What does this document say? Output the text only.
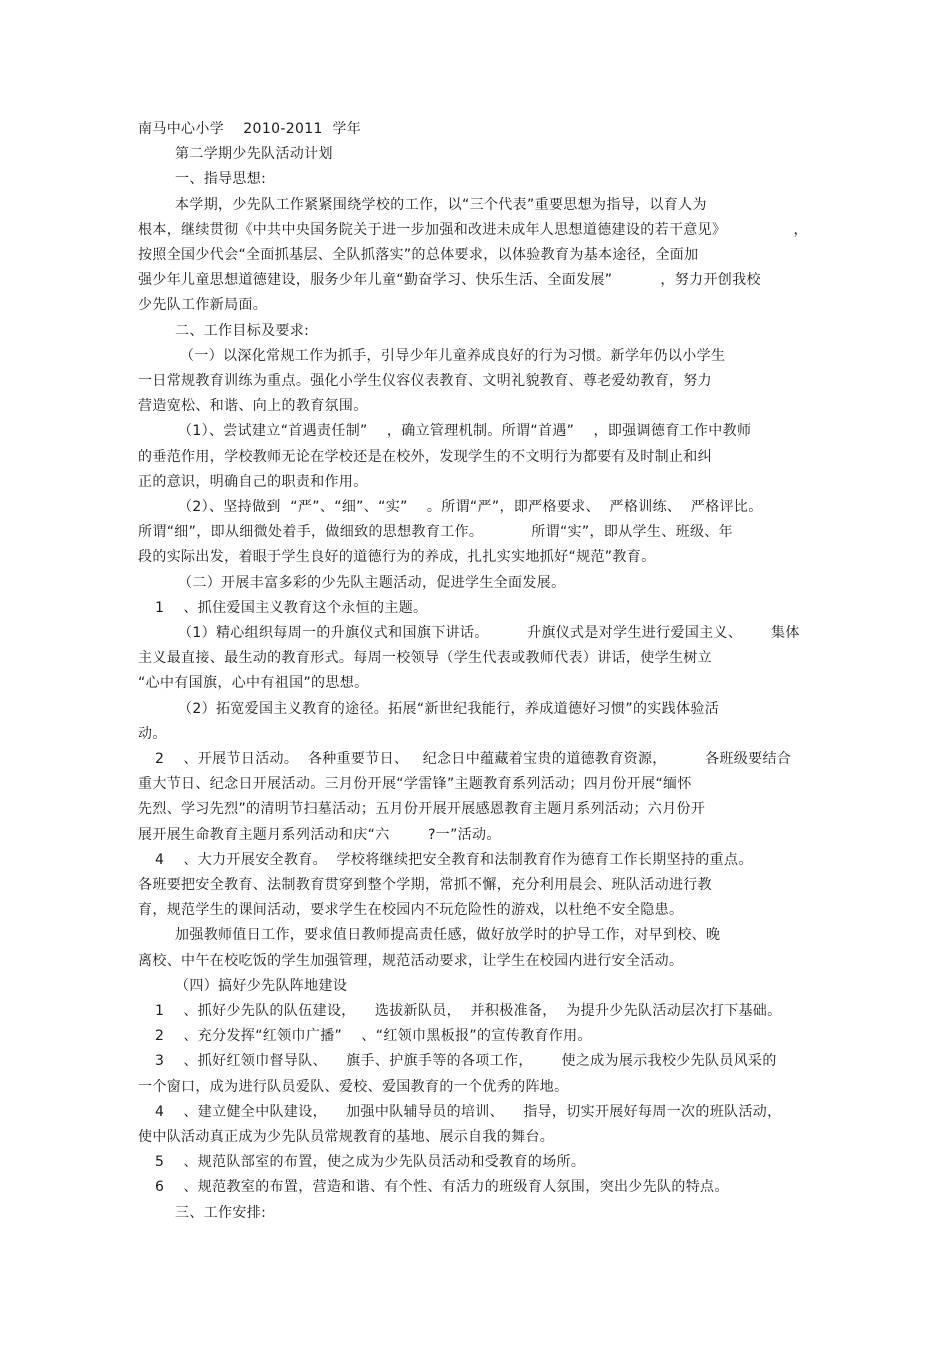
南马中心小学    2010-2011  学年
第二学期少先队活动计划
一、指导思想:
本学期，少先队工作紧紧围绕学校的工作，以“三个代表”重要思想为指导，以育人为
根本，继续贯彻《中共中央国务院关于进一步加强和改进未成年人思想道德建设的若干意见》              ，
按照全国少代会“全面抓基层、全队抓落实”的总体要求，以体验教育为基本途径，全面加
强少年儿童思想道德建设，服务少年儿童“勤奋学习、快乐生活、全面发展”          ，努力开创我校
少先队工作新局面。
二、工作目标及要求:
（一）以深化常规工作为抓手，引导少年儿童养成良好的行为习惯。新学年仍以小学生
一日常规教育训练为重点。强化小学生仪容仪表教育、文明礼貌教育、尊老爱幼教育，努力
营造宽松、和谐、向上的教育氛围。
（1）、尝试建立“首遇责任制”    ，确立管理机制。所谓“首遇”    ，即强调德育工作中教师
的垂范作用，学校教师无论在学校还是在校外，发现学生的不文明行为都要有及时制止和纠
正的意识，明确自己的职责和作用。
（2）、坚持做到  “严”、“细”、“实”    。所谓“严”，即严格要求、  严格训练、  严格评比。
所谓“细”，即从细微处着手，做细致的思想教育工作。          所谓“实”，即从学生、班级、年
段的实际出发，着眼于学生良好的道德行为的养成，扎扎实实地抓好“规范”教育。
（二）开展丰富多彩的少先队主题活动，促进学生全面发展。
1    、抓住爱国主义教育这个永恒的主题。
（1）精心组织每周一的升旗仪式和国旗下讲话。        升旗仪式是对学生进行爱国主义、      集体
主义最直接、最生动的教育形式。每周一校领导（学生代表或教师代表）讲话，使学生树立
“心中有国旗，心中有祖国”的思想。
（2）拓宽爱国主义教育的途径。拓展“新世纪我能行，养成道德好习惯”的实践体验活
动。
2    、开展节日活动。  各种重要节日、   纪念日中蕴藏着宝贵的道德教育资源，        各班级要结合
重大节日、纪念日开展活动。三月份开展“学雷锋”主题教育系列活动；四月份开展“缅怀
先烈、学习先烈”的清明节扫墓活动；五月份开展开展感恩教育主题月系列活动；六月份开
展开展生命教育主题月系列活动和庆“六        ?一”活动。
4    、大力开展安全教育。  学校将继续把安全教育和法制教育作为德育工作长期坚持的重点。
各班要把安全教育、法制教育贯穿到整个学期，常抓不懈，充分利用晨会、班队活动进行教
育，规范学生的课间活动，要求学生在校园内不玩危险性的游戏，以杜绝不安全隐患。
加强教师值日工作，要求值日教师提高责任感，做好放学时的护导工作，对早到校、晚
离校、中午在校吃饭的学生加强管理，规范活动要求，让学生在校园内进行安全活动。
（四）搞好少先队阵地建设
1    、抓好少先队的队伍建设，    选拔新队员，  并积极准备，  为提升少先队活动层次打下基础。
2    、充分发挥“红领巾广播”    、“红领巾黑板报”的宣传教育作用。
3    、抓好红领巾督导队、    旗手、护旗手等的各项工作，      使之成为展示我校少先队员风采的
一个窗口，成为进行队员爱队、爱校、爱国教育的一个优秀的阵地。
4    、建立健全中队建设，    加强中队辅导员的培训、    指导，切实开展好每周一次的班队活动，
使中队活动真正成为少先队员常规教育的基地、展示自我的舞台。
5    、规范队部室的布置，使之成为少先队员活动和受教育的场所。
6    、规范教室的布置，营造和谐、有个性、有活力的班级育人氛围，突出少先队的特点。
三、工作安排:
